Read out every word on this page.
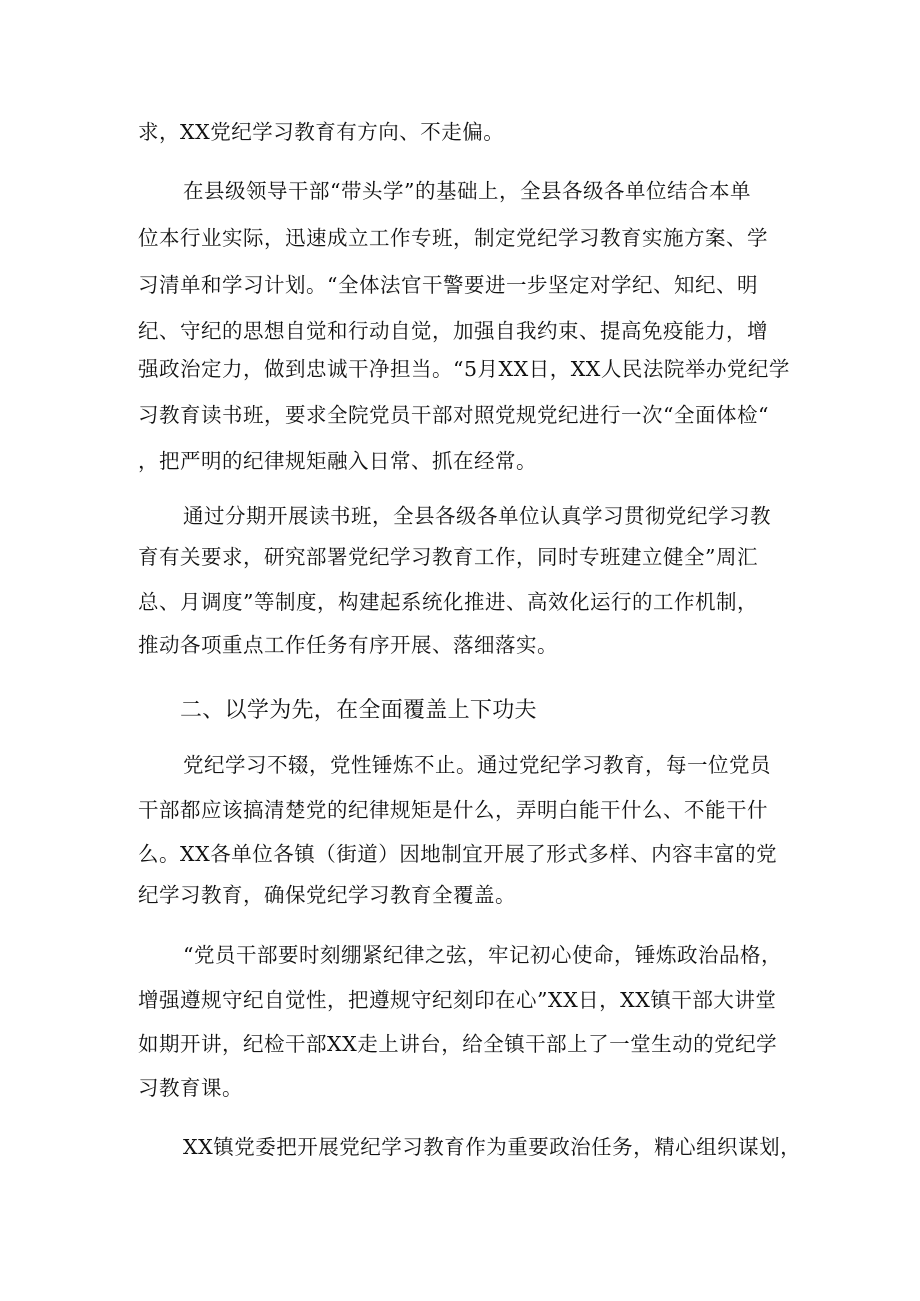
求，XX党纪学习教育有方向、不走偏。
在县级领导干部“带头学”的基础上，全县各级各单位结合本单
位本行业实际，迅速成立工作专班，制定党纪学习教育实施方案、学
习清单和学习计划。“全体法官干警要进一步坚定对学纪、知纪、明
纪、守纪的思想自觉和行动自觉，加强自我约束、提高免疫能力，增
强政治定力，做到忠诚干净担当。“5月XX日，XX人民法院举办党纪学
习教育读书班，要求全院党员干部对照党规党纪进行一次“全面体检“
，把严明的纪律规矩融入日常、抓在经常。
通过分期开展读书班，全县各级各单位认真学习贯彻党纪学习教
育有关要求，研究部署党纪学习教育工作，同时专班建立健全”周汇
总、月调度”等制度，构建起系统化推进、高效化运行的工作机制，
推动各项重点工作任务有序开展、落细落实。
二、以学为先，在全面覆盖上下功夫
党纪学习不辍，党性锤炼不止。通过党纪学习教育，每一位党员
干部都应该搞清楚党的纪律规矩是什么，弄明白能干什么、不能干什
么。XX各单位各镇（街道）因地制宜开展了形式多样、内容丰富的党
纪学习教育，确保党纪学习教育全覆盖。
“党员干部要时刻绷紧纪律之弦，牢记初心使命，锤炼政治品格，
增强遵规守纪自觉性，把遵规守纪刻印在心”XX日，XX镇干部大讲堂
如期开讲，纪检干部XX走上讲台，给全镇干部上了一堂生动的党纪学
习教育课。
XX镇党委把开展党纪学习教育作为重要政治任务，精心组织谋划，
